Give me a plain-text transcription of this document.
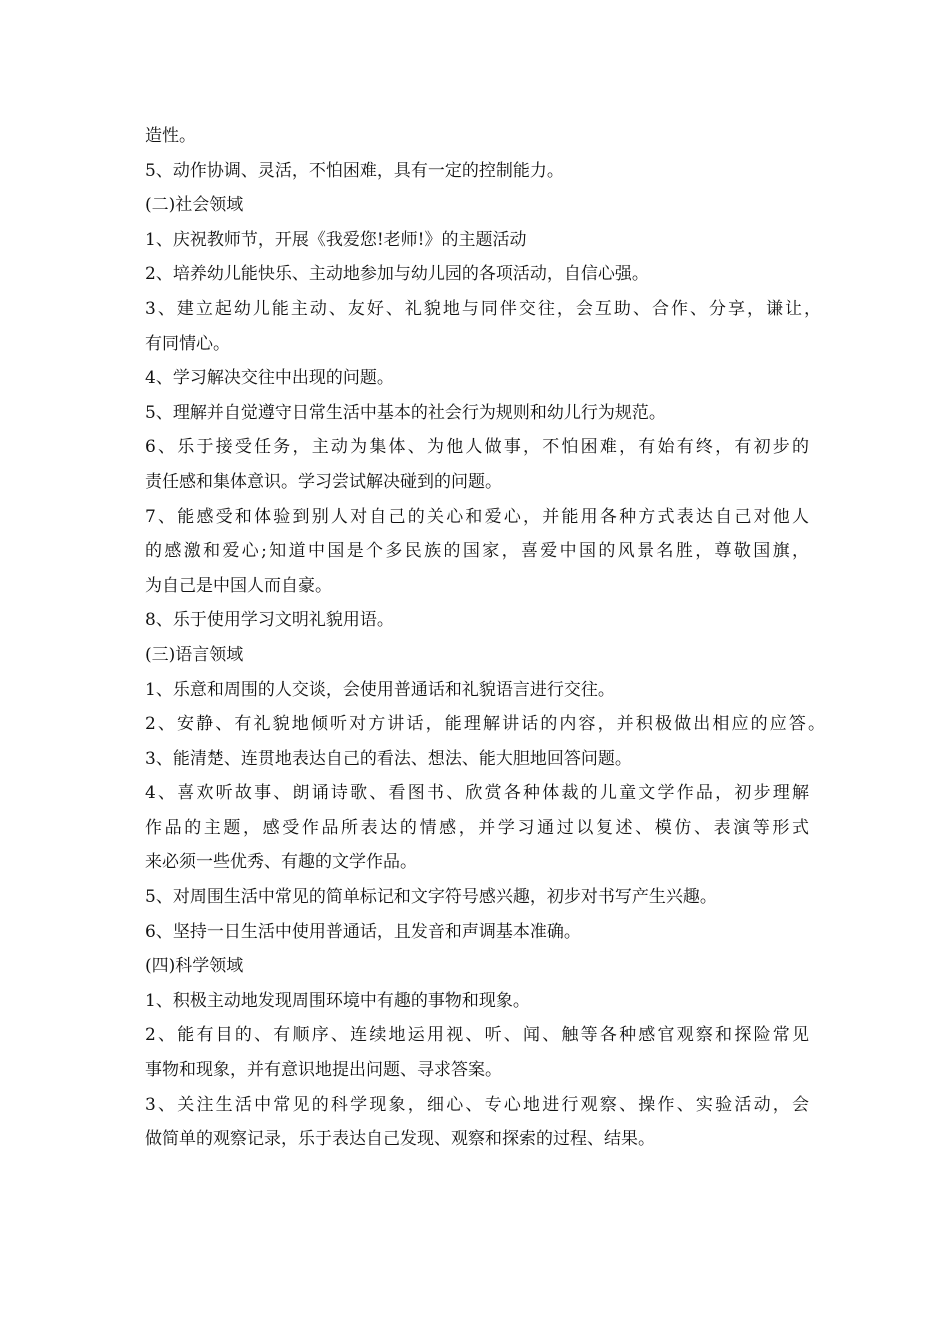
造性。
5、动作协调、灵活，不怕困难，具有一定的控制能力。
(二)社会领域
1、庆祝教师节，开展《我爱您!老师!》的主题活动
2、培养幼儿能快乐、主动地参加与幼儿园的各项活动，自信心强。
3、建立起幼儿能主动、友好、礼貌地与同伴交往，会互助、合作、分享，谦让，
有同情心。
4、学习解决交往中出现的问题。
5、理解并自觉遵守日常生活中基本的社会行为规则和幼儿行为规范。
6、乐于接受任务，主动为集体、为他人做事，不怕困难，有始有终，有初步的
责任感和集体意识。学习尝试解决碰到的问题。
7、能感受和体验到别人对自己的关心和爱心，并能用各种方式表达自己对他人
的感激和爱心;知道中国是个多民族的国家，喜爱中国的风景名胜，尊敬国旗，
为自己是中国人而自豪。
8、乐于使用学习文明礼貌用语。
(三)语言领域
1、乐意和周围的人交谈，会使用普通话和礼貌语言进行交往。
2、安静、有礼貌地倾听对方讲话，能理解讲话的内容，并积极做出相应的应答。
3、能清楚、连贯地表达自己的看法、想法、能大胆地回答问题。
4、喜欢听故事、朗诵诗歌、看图书、欣赏各种体裁的儿童文学作品，初步理解
作品的主题，感受作品所表达的情感，并学习通过以复述、模仿、表演等形式
来必须一些优秀、有趣的文学作品。
5、对周围生活中常见的简单标记和文字符号感兴趣，初步对书写产生兴趣。
6、坚持一日生活中使用普通话，且发音和声调基本准确。
(四)科学领域
1、积极主动地发现周围环境中有趣的事物和现象。
2、能有目的、有顺序、连续地运用视、听、闻、触等各种感官观察和探险常见
事物和现象，并有意识地提出问题、寻求答案。
3、关注生活中常见的科学现象，细心、专心地进行观察、操作、实验活动，会
做简单的观察记录，乐于表达自己发现、观察和探索的过程、结果。
